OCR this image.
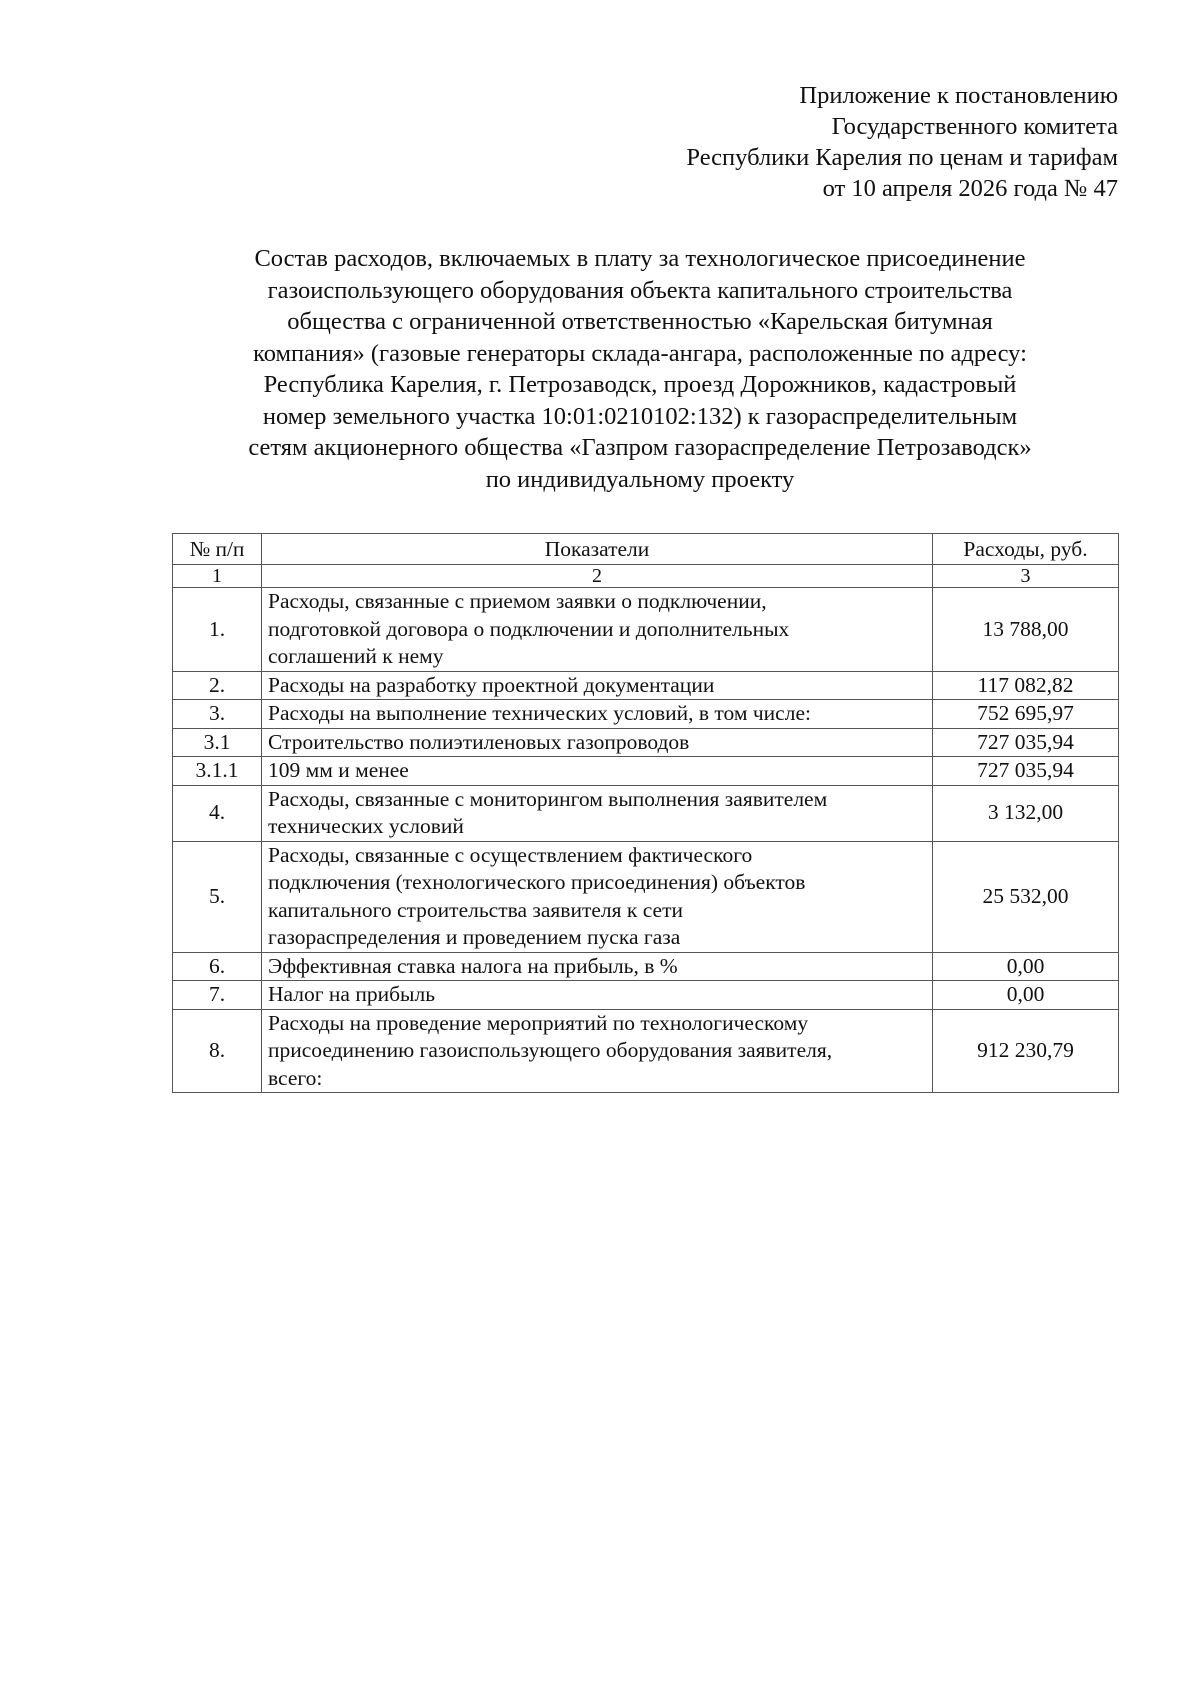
Приложение к постановлению
Государственного комитета
Республики Карелия по ценам и тарифам
от 10 апреля 2026 года № 47
Состав расходов, включаемых в плату за технологическое присоединение
газоиспользующего оборудования объекта капитального строительства
общества с ограниченной ответственностью «Карельская битумная
компания» (газовые генераторы склада-ангара, расположенные по адресу:
Республика Карелия, г. Петрозаводск, проезд Дорожников, кадастровый
номер земельного участка 10:01:0210102:132) к газораспределительным
сетям акционерного общества «Газпром газораспределение Петрозаводск»
по индивидуальному проекту
№ п/п	Показатели	Расходы, руб.
1	2	3
1.	Расходы, связанные с приемом заявки о подключении,
подготовкой договора о подключении и дополнительных
соглашений к нему	13 788,00
2.	Расходы на разработку проектной документации	117 082,82
3.	Расходы на выполнение технических условий, в том числе:	752 695,97
3.1	Строительство полиэтиленовых газопроводов	727 035,94
3.1.1	109 мм и менее	727 035,94
4.	Расходы, связанные с мониторингом выполнения заявителем
технических условий	3 132,00
5.	Расходы, связанные с осуществлением фактического
подключения (технологического присоединения) объектов
капитального строительства заявителя к сети
газораспределения и проведением пуска газа	25 532,00
6.	Эффективная ставка налога на прибыль, в %	0,00
7.	Налог на прибыль	0,00
8.	Расходы на проведение мероприятий по технологическому
присоединению газоиспользующего оборудования заявителя,
всего:	912 230,79
